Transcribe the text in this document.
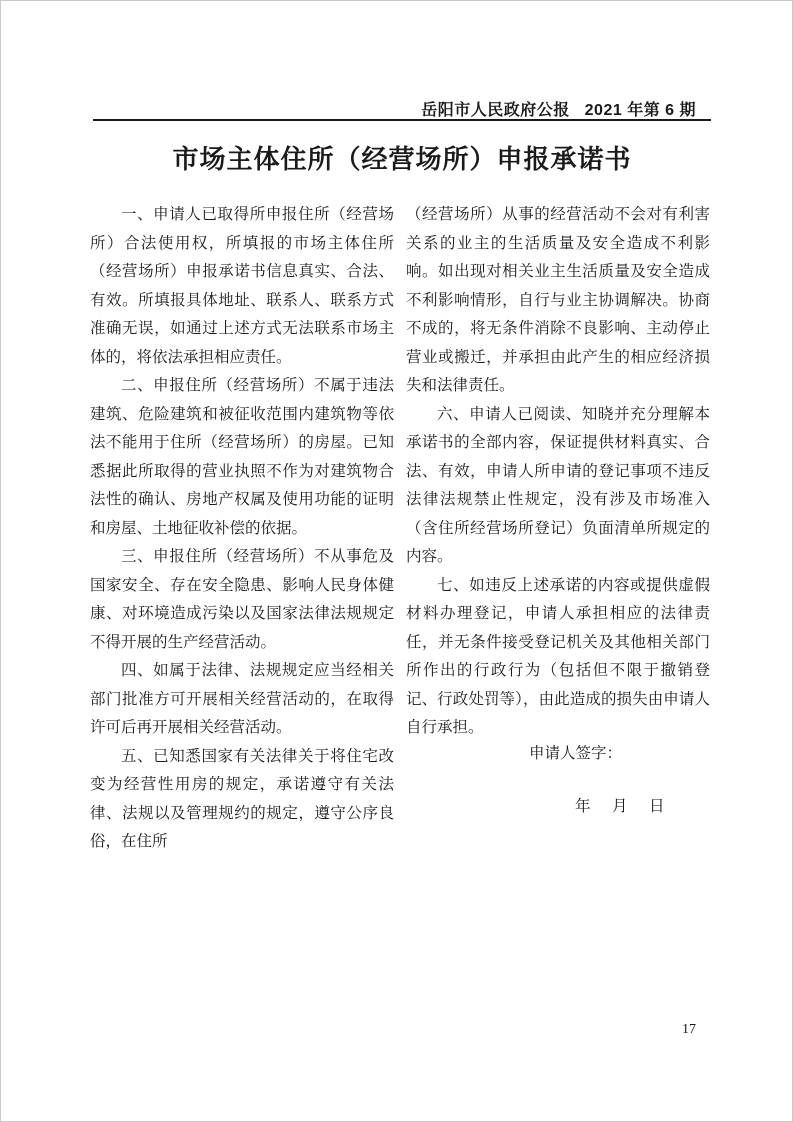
岳阳市人民政府公报 2021 年第 6 期
市场主体住所（经营场所）申报承诺书

一、申请人已取得所申报住所（经营场所）合法使用权，所填报的市场主体住所（经营场所）申报承诺书信息真实、合法、有效。所填报具体地址、联系人、联系方式准确无误，如通过上述方式无法联系市场主体的，将依法承担相应责任。

二、申报住所（经营场所）不属于违法建筑、危险建筑和被征收范围内建筑物等依法不能用于住所（经营场所）的房屋。已知悉据此所取得的营业执照不作为对建筑物合法性的确认、房地产权属及使用功能的证明和房屋、土地征收补偿的依据。

三、申报住所（经营场所）不从事危及国家安全、存在安全隐患、影响人民身体健康、对环境造成污染以及国家法律法规规定不得开展的生产经营活动。

四、如属于法律、法规规定应当经相关部门批准方可开展相关经营活动的，在取得许可后再开展相关经营活动。

五、已知悉国家有关法律关于将住宅改变为经营性用房的规定，承诺遵守有关法律、法规以及管理规约的规定，遵守公序良俗，在住所

（经营场所）从事的经营活动不会对有利害关系的业主的生活质量及安全造成不利影响。如出现对相关业主生活质量及安全造成不利影响情形，自行与业主协调解决。协商不成的，将无条件消除不良影响、主动停止营业或搬迁，并承担由此产生的相应经济损失和法律责任。

六、申请人已阅读、知晓并充分理解本承诺书的全部内容，保证提供材料真实、合法、有效，申请人所申请的登记事项不违反法律法规禁止性规定，没有涉及市场准入（含住所经营场所登记）负面清单所规定的内容。

七、如违反上述承诺的内容或提供虚假材料办理登记，申请人承担相应的法律责任，并无条件接受登记机关及其他相关部门所作出的行政行为（包括但不限于撤销登记、行政处罚等），由此造成的损失由申请人自行承担。

申请人签字：
年　月　日
17
